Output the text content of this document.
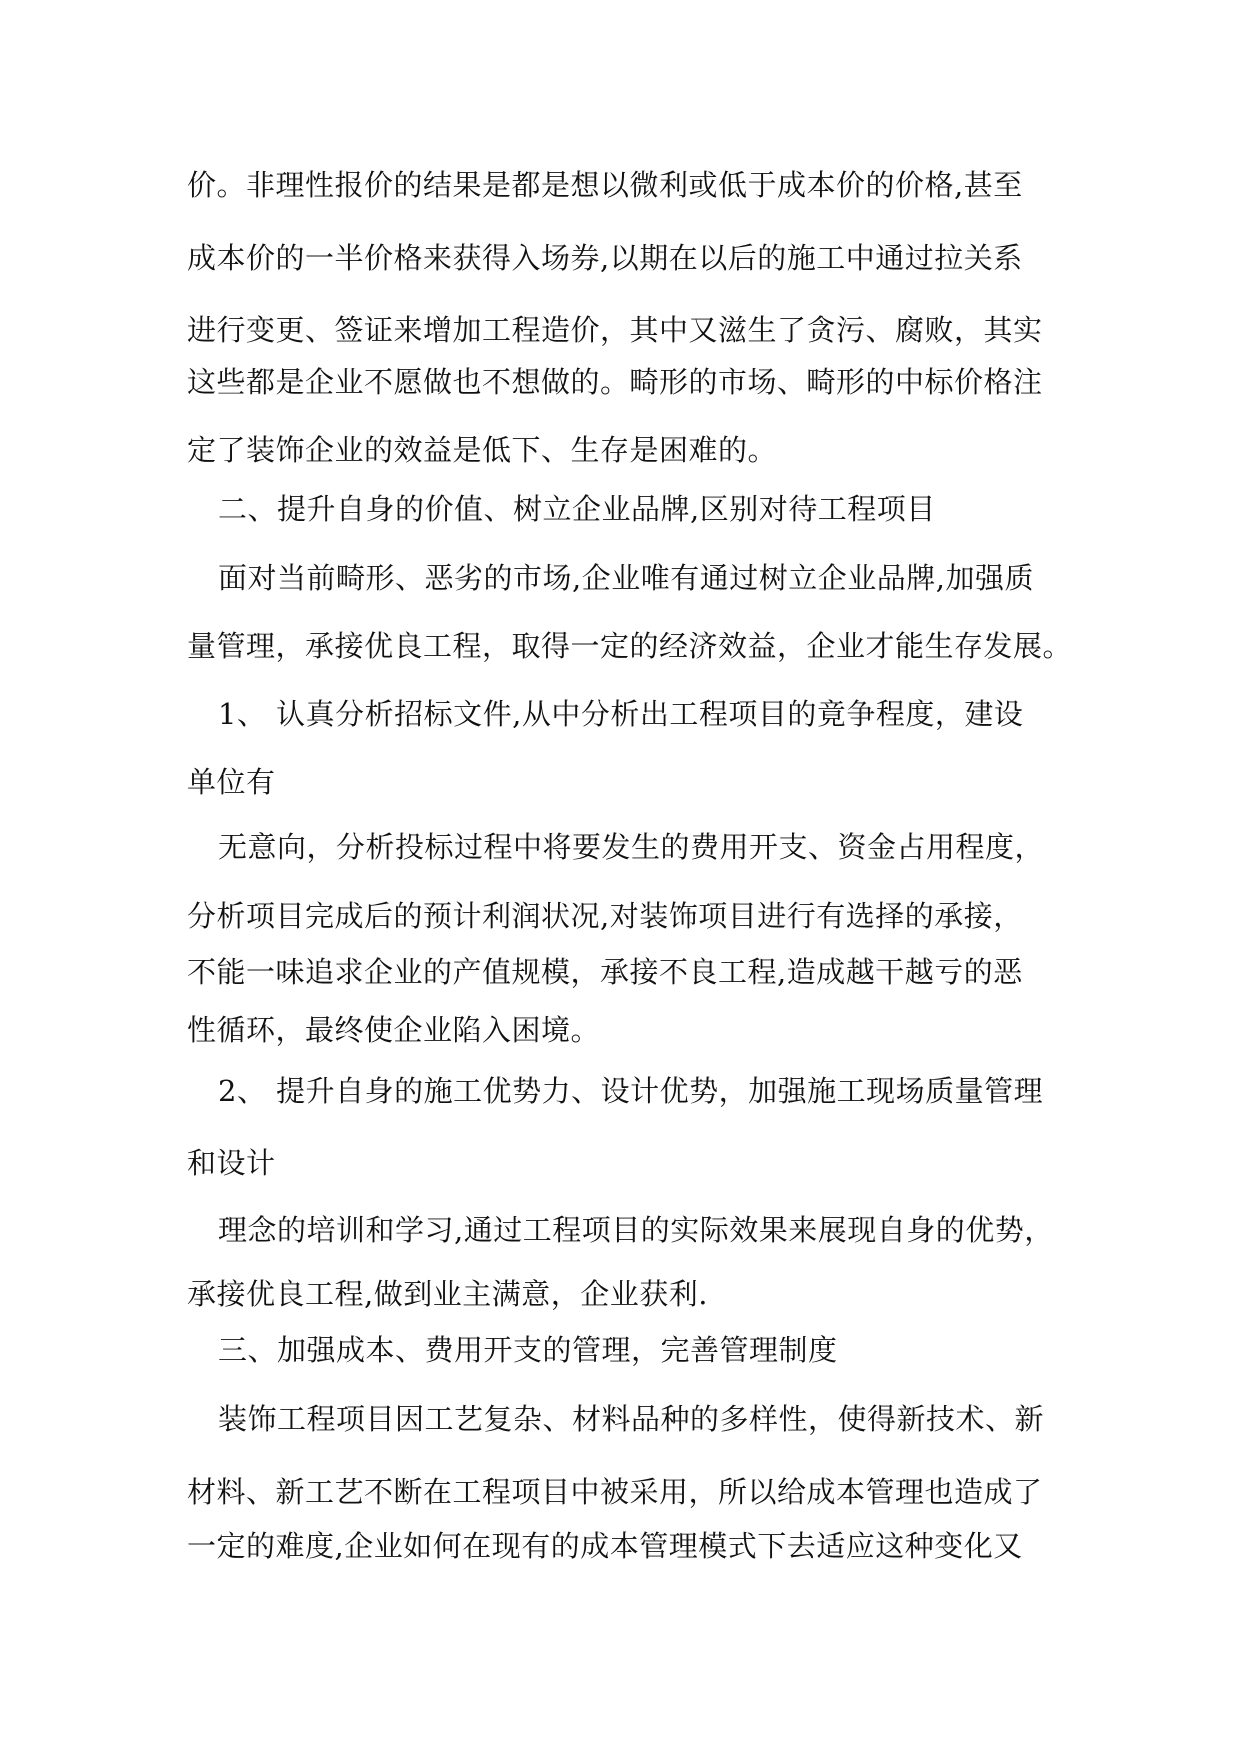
价。非理性报价的结果是都是想以微利或低于成本价的价格,甚至
成本价的一半价格来获得入场券,以期在以后的施工中通过拉关系
进行变更、签证来增加工程造价，其中又滋生了贪污、腐败，其实
这些都是企业不愿做也不想做的。畸形的市场、畸形的中标价格注
定了装饰企业的效益是低下、生存是困难的。
二、提升自身的价值、树立企业品牌,区别对待工程项目
面对当前畸形、恶劣的市场,企业唯有通过树立企业品牌,加强质
量管理，承接优良工程，取得一定的经济效益，企业才能生存发展。
1、 认真分析招标文件,从中分析出工程项目的竟争程度，建设
单位有
无意向，分析投标过程中将要发生的费用开支、资金占用程度，
分析项目完成后的预计利润状况,对装饰项目进行有选择的承接，
不能一味追求企业的产值规模，承接不良工程,造成越干越亏的恶
性循环，最终使企业陷入困境。
2、 提升自身的施工优势力、设计优势，加强施工现场质量管理
和设计
理念的培训和学习,通过工程项目的实际效果来展现自身的优势，
承接优良工程,做到业主满意，企业获利.
三、加强成本、费用开支的管理，完善管理制度
装饰工程项目因工艺复杂、材料品种的多样性，使得新技术、新
材料、新工艺不断在工程项目中被采用，所以给成本管理也造成了
一定的难度,企业如何在现有的成本管理模式下去适应这种变化又
